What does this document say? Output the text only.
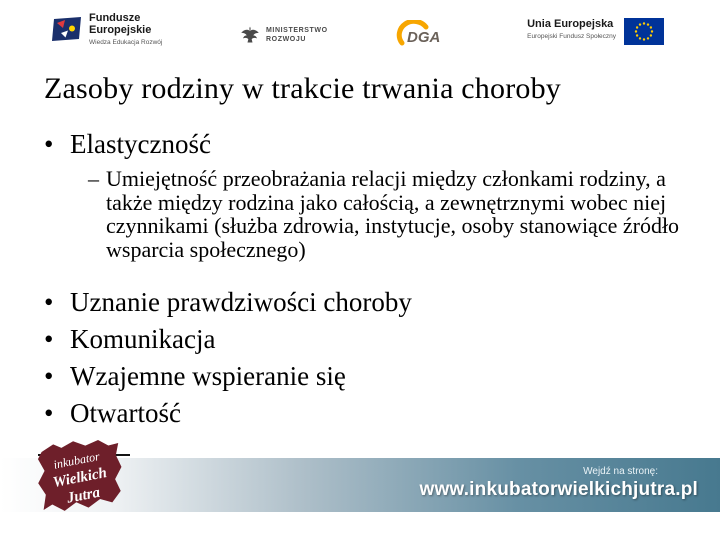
Fundusze
Europejskie
Wiedza Edukacja Rozwój
MINISTERSTWO
ROZWOJU	DGA
Unia Europejska
Europejski Fundusz Społeczny
Zasoby rodziny w trakcie trwania choroby
• Elastyczność
– Umiejętność przeobrażania relacji między członkami rodziny, a także między rodzina jako całością, a zewnętrznymi wobec niej czynnikami (służba zdrowia, instytucje, osoby stanowiące źródło wsparcia społecznego)
• Uznanie prawdziwości choroby
• Komunikacja
• Wzajemne wspieranie się
• Otwartość
Wejdź na stronę:
www.inkubatorwielkichjutra.pl
inkubator
Wielkich
Jutra
